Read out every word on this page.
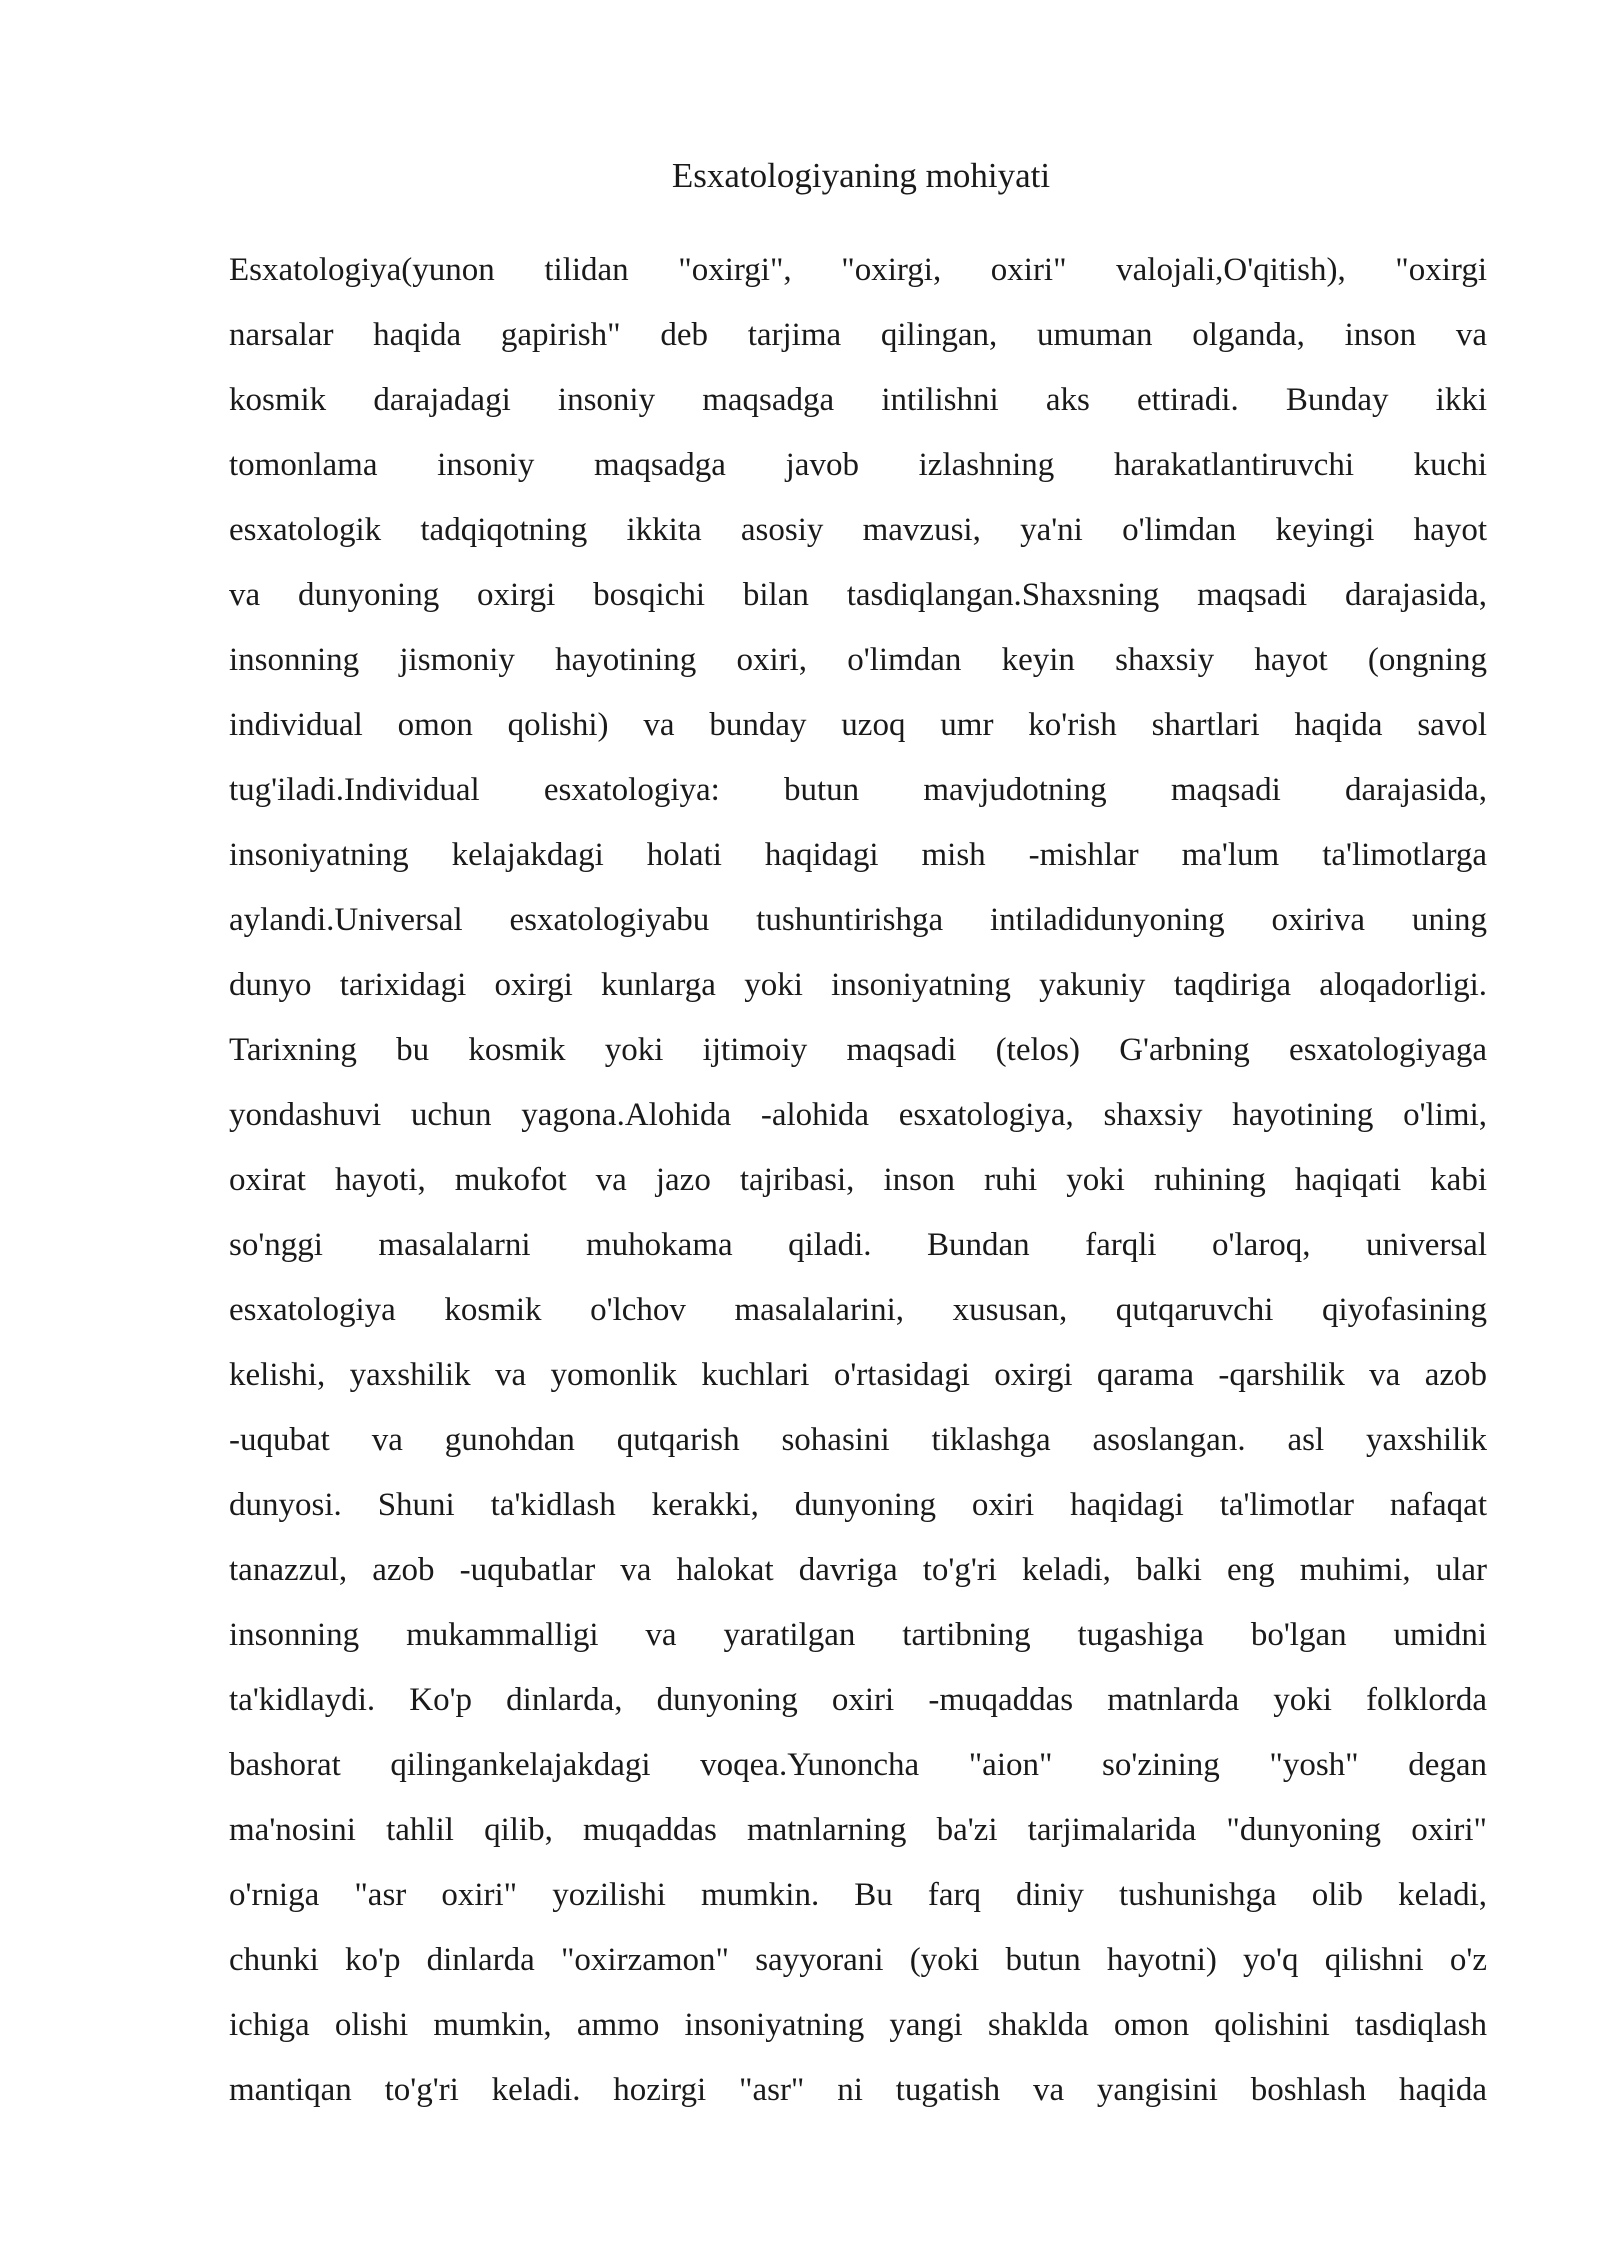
Esxatologiyaning mohiyati
Esxatologiya(yunon tilidan "oxirgi", "oxirgi, oxiri" valojali,O'qitish), "oxirgi
narsalar haqida gapirish" deb tarjima qilingan, umuman olganda, inson va
kosmik darajadagi insoniy maqsadga intilishni aks ettiradi. Bunday ikki
tomonlama insoniy maqsadga javob izlashning harakatlantiruvchi kuchi
esxatologik tadqiqotning ikkita asosiy mavzusi, ya'ni o'limdan keyingi hayot
va dunyoning oxirgi bosqichi bilan tasdiqlangan.Shaxsning maqsadi darajasida,
insonning jismoniy hayotining oxiri, o'limdan keyin shaxsiy hayot (ongning
individual omon qolishi) va bunday uzoq umr ko'rish shartlari haqida savol
tug'iladi.Individual esxatologiya: butun mavjudotning maqsadi darajasida,
insoniyatning kelajakdagi holati haqidagi mish -mishlar ma'lum ta'limotlarga
aylandi.Universal esxatologiyabu tushuntirishga intiladidunyoning oxiriva uning
dunyo tarixidagi oxirgi kunlarga yoki insoniyatning yakuniy taqdiriga aloqadorligi.
Tarixning bu kosmik yoki ijtimoiy maqsadi (telos) G'arbning esxatologiyaga
yondashuvi uchun yagona.Alohida -alohida esxatologiya, shaxsiy hayotining o'limi,
oxirat hayoti, mukofot va jazo tajribasi, inson ruhi yoki ruhining haqiqati kabi
so'nggi masalalarni muhokama qiladi. Bundan farqli o'laroq, universal
esxatologiya kosmik o'lchov masalalarini, xususan, qutqaruvchi qiyofasining
kelishi, yaxshilik va yomonlik kuchlari o'rtasidagi oxirgi qarama -qarshilik va azob
-uqubat va gunohdan qutqarish sohasini tiklashga asoslangan. asl yaxshilik
dunyosi. Shuni ta'kidlash kerakki, dunyoning oxiri haqidagi ta'limotlar nafaqat
tanazzul, azob -uqubatlar va halokat davriga to'g'ri keladi, balki eng muhimi, ular
insonning mukammalligi va yaratilgan tartibning tugashiga bo'lgan umidni
ta'kidlaydi. Ko'p dinlarda, dunyoning oxiri -muqaddas matnlarda yoki folklorda
bashorat qilingankelajakdagi voqea.Yunoncha "aion" so'zining "yosh" degan
ma'nosini tahlil qilib, muqaddas matnlarning ba'zi tarjimalarida "dunyoning oxiri"
o'rniga "asr oxiri" yozilishi mumkin. Bu farq diniy tushunishga olib keladi,
chunki ko'p dinlarda "oxirzamon" sayyorani (yoki butun hayotni) yo'q qilishni o'z
ichiga olishi mumkin, ammo insoniyatning yangi shaklda omon qolishini tasdiqlash
mantiqan to'g'ri keladi. hozirgi "asr" ni tugatish va yangisini boshlash haqida
